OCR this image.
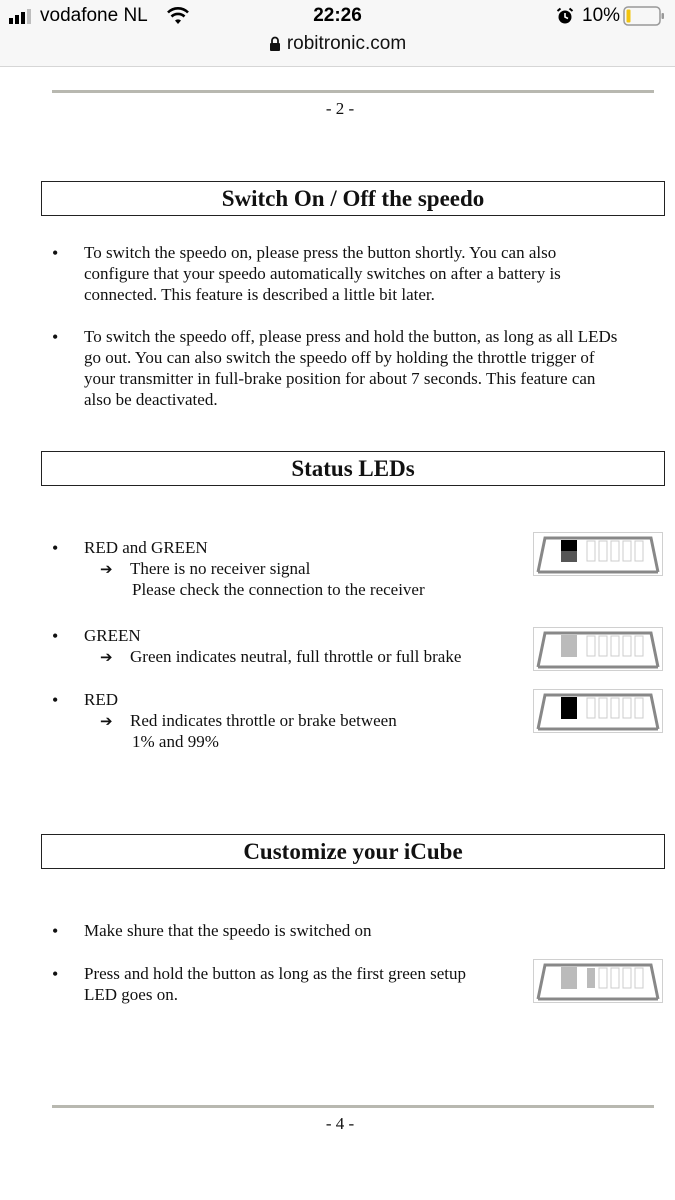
vodafone NL	22:26	10%
robitronic.com
- 2 -
Switch On / Off the speedo
• To switch the speedo on, please press the button shortly. You can also
configure that your speedo automatically switches on after a battery is
connected. This feature is described a little bit later.
• To switch the speedo off, please press and hold the button, as long as all LEDs
go out. You can also switch the speedo off by holding the throttle trigger of
your transmitter in full-brake position for about 7 seconds. This feature can
also be deactivated.
Status LEDs
• RED and GREEN
➔ There is no receiver signal
Please check the connection to the receiver
• GREEN
➔ Green indicates neutral, full throttle or full brake
• RED
➔ Red indicates throttle or brake between
1% and 99%
Customize your iCube
• Make shure that the speedo is switched on
• Press and hold the button as long as the first green setup
LED goes on.
- 4 -
